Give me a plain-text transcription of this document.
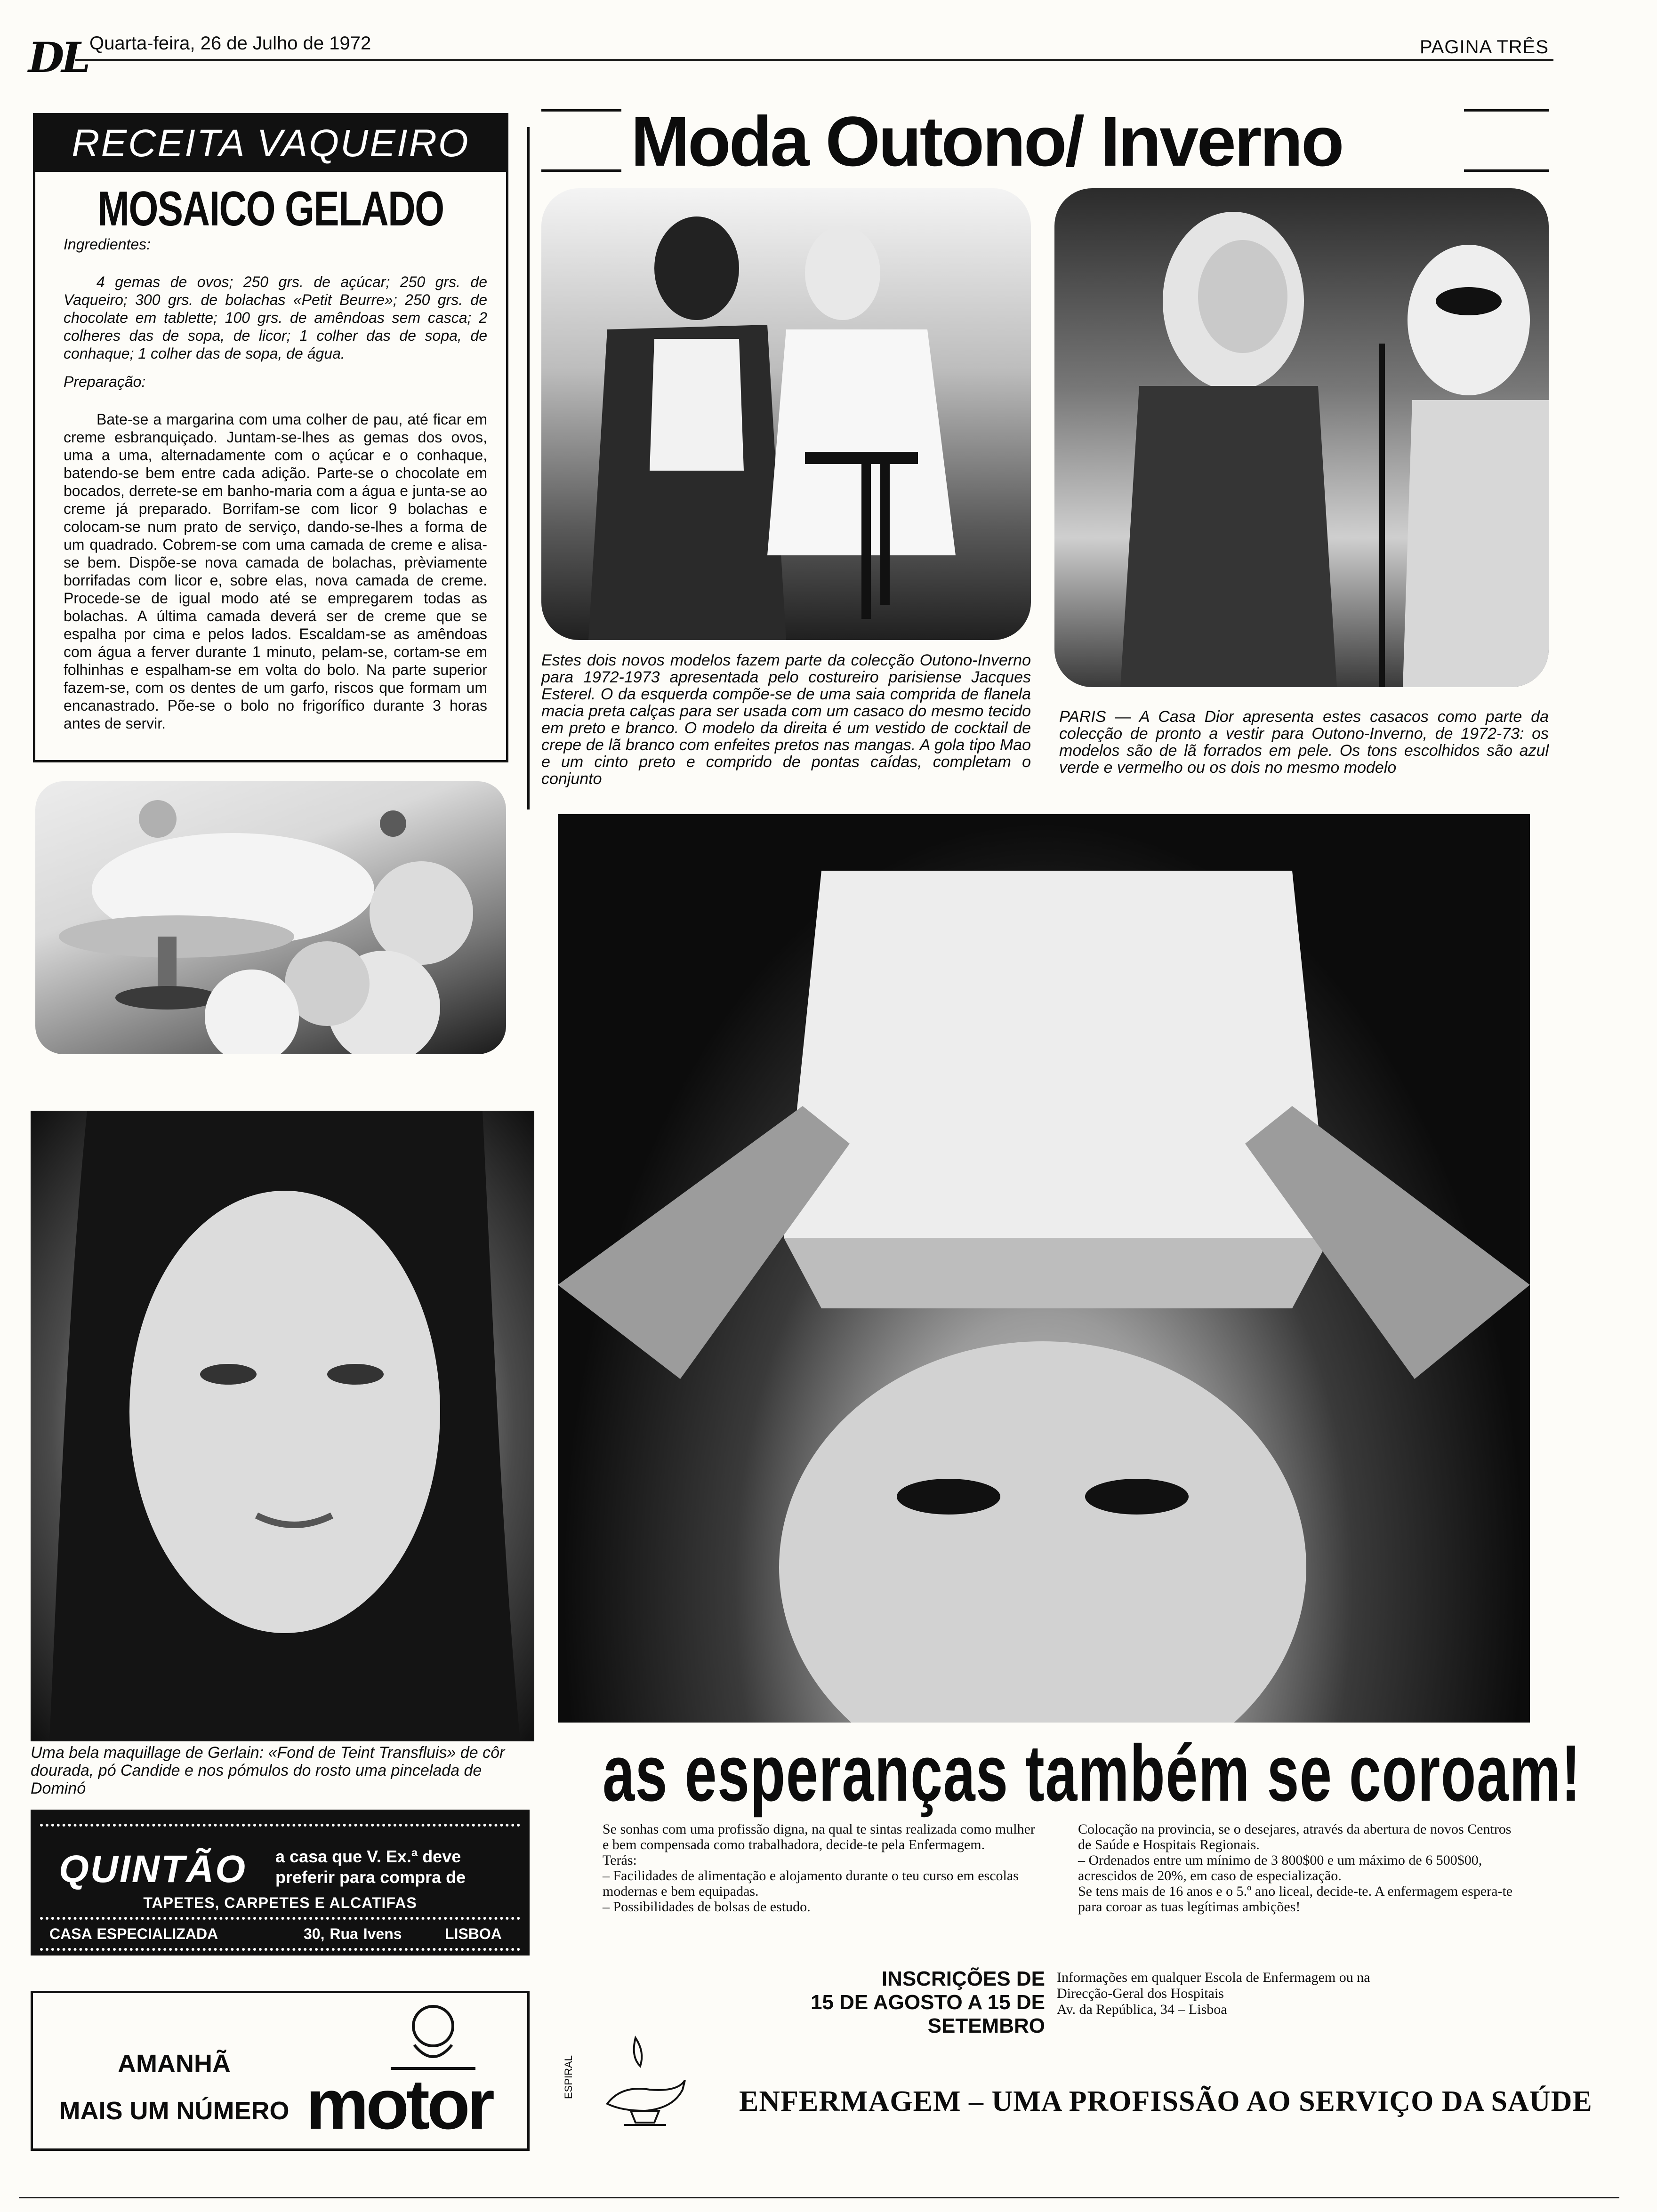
DL Quarta-feira, 26 de Julho de 1972	PAGINA TRÊS
RECEITA VAQUEIRO
MOSAICO GELADO

Ingredientes:

4 gemas de ovos; 250 grs. de açúcar; 250 grs. de Vaqueiro; 300 grs. de bolachas «Petit Beurre»; 250 grs. de chocolate em tablette; 100 grs. de amêndoas sem casca; 2 colheres das de sopa, de licor; 1 colher das de sopa, de conhaque; 1 colher das de sopa, de água.

Preparação:

Bate-se a margarina com uma colher de pau, até ficar em creme esbranquiçado. Juntam-se-lhes as gemas dos ovos, uma a uma, alternadamente com o açúcar e o conhaque, batendo-se bem entre cada adição. Parte-se o chocolate em bocados, derrete-se em banho-maria com a água e junta-se ao creme já preparado. Borrifam-se com licor 9 bolachas e colocam-se num prato de serviço, dando-se-lhes a forma de um quadrado. Cobrem-se com uma camada de creme e alisa-se bem. Dispõe-se nova camada de bolachas, prèviamente borrifadas com licor e, sobre elas, nova camada de creme. Procede-se de igual modo até se empregarem todas as bolachas. A última camada deverá ser de creme que se espalha por cima e pelos lados. Escaldam-se as amêndoas com água a ferver durante 1 minuto, pelam-se, cortam-se em folhinhas e espalham-se em volta do bolo. Na parte superior fazem-se, com os dentes de um garfo, riscos que formam um encanastrado. Põe-se o bolo no frigorífico durante 3 horas antes de servir.

Moda Outono/ Inverno
Estes dois novos modelos fazem parte da colecção Outono-Inverno para 1972-1973 apresentada pelo costureiro parisiense Jacques Esterel. O da esquerda compõe-se de uma saia comprida de flanela macia preta calças para ser usada com um casaco do mesmo tecido em preto e branco. O modelo da direita é um vestido de cocktail de crepe de lã branco com enfeites pretos nas mangas. A gola tipo Mao e um cinto preto e comprido de pontas caídas, completam o conjunto
PARIS — A Casa Dior apresenta estes casacos como parte da colecção de pronto a vestir para Outono-Inverno, de 1972-73: os modelos são de lã forrados em pele. Os tons escolhidos são azul verde e vermelho ou os dois no mesmo modelo
Uma bela maquillage de Gerlain: «Fond de Teint Transfluis» de côr dourada, pó Candide e nos pómulos do rosto uma pincelada de Dominó
QUINTÃO a casa que V. Ex.ª deve preferir para compra de
TAPETES, CARPETES E ALCATIFAS
CASA ESPECIALIZADA	30, Rua Ivens	LISBOA
AMANHÃ
MAIS UM NÚMERO motor
as esperanças também se coroam!

Se sonhas com uma profissão digna, na qual te sintas realizada como mulher e bem compensada como trabalhadora, decide-te pela Enfermagem.

Terás:

– Facilidades de alimentação e alojamento durante o teu curso em escolas modernas e bem equipadas.

– Possibilidades de bolsas de estudo.

Colocação na provincia, se o desejares, através da abertura de novos Centros de Saúde e Hospitais Regionais.

– Ordenados entre um mínimo de 3 800$00 e um máximo de 6 500$00, acrescidos de 20%, em caso de especialização.

Se tens mais de 16 anos e o 5.º ano liceal, decide-te. A enfermagem espera-te para coroar as tuas legítimas ambições!

INSCRIÇÕES DE
15 DE AGOSTO A 15 DE SETEMBRO
Informações em qualquer Escola de Enfermagem ou na
Direcção-Geral dos Hospitais
Av. da República, 34 – Lisboa
ESPIRAL
ENFERMAGEM – UMA PROFISSÃO AO SERVIÇO DA SAÚDE
